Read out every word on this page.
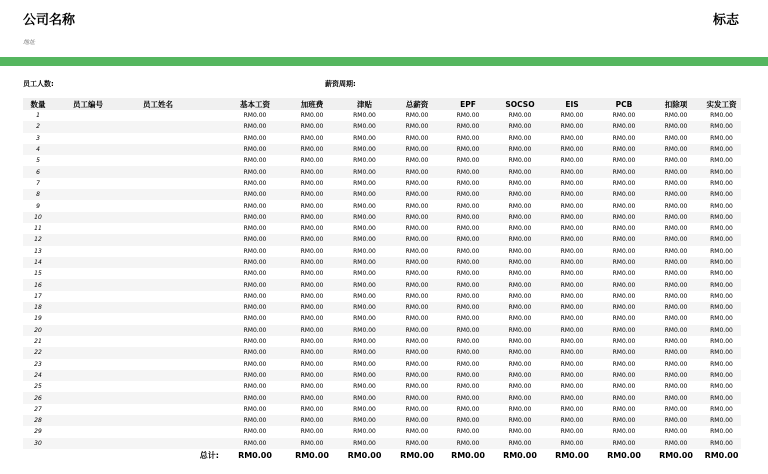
公司名称	标志
地址
员工人数:	薪资周期:
数量	员工编号	员工姓名	基本工资	加班费	津贴	总薪资	EPF	SOCSO	EIS	PCB	扣除项	实发工资
1			RM0.00	RM0.00	RM0.00	RM0.00	RM0.00	RM0.00	RM0.00	RM0.00	RM0.00	RM0.00
2			RM0.00	RM0.00	RM0.00	RM0.00	RM0.00	RM0.00	RM0.00	RM0.00	RM0.00	RM0.00
3			RM0.00	RM0.00	RM0.00	RM0.00	RM0.00	RM0.00	RM0.00	RM0.00	RM0.00	RM0.00
4			RM0.00	RM0.00	RM0.00	RM0.00	RM0.00	RM0.00	RM0.00	RM0.00	RM0.00	RM0.00
5			RM0.00	RM0.00	RM0.00	RM0.00	RM0.00	RM0.00	RM0.00	RM0.00	RM0.00	RM0.00
6			RM0.00	RM0.00	RM0.00	RM0.00	RM0.00	RM0.00	RM0.00	RM0.00	RM0.00	RM0.00
7			RM0.00	RM0.00	RM0.00	RM0.00	RM0.00	RM0.00	RM0.00	RM0.00	RM0.00	RM0.00
8			RM0.00	RM0.00	RM0.00	RM0.00	RM0.00	RM0.00	RM0.00	RM0.00	RM0.00	RM0.00
9			RM0.00	RM0.00	RM0.00	RM0.00	RM0.00	RM0.00	RM0.00	RM0.00	RM0.00	RM0.00
10			RM0.00	RM0.00	RM0.00	RM0.00	RM0.00	RM0.00	RM0.00	RM0.00	RM0.00	RM0.00
11			RM0.00	RM0.00	RM0.00	RM0.00	RM0.00	RM0.00	RM0.00	RM0.00	RM0.00	RM0.00
12			RM0.00	RM0.00	RM0.00	RM0.00	RM0.00	RM0.00	RM0.00	RM0.00	RM0.00	RM0.00
13			RM0.00	RM0.00	RM0.00	RM0.00	RM0.00	RM0.00	RM0.00	RM0.00	RM0.00	RM0.00
14			RM0.00	RM0.00	RM0.00	RM0.00	RM0.00	RM0.00	RM0.00	RM0.00	RM0.00	RM0.00
15			RM0.00	RM0.00	RM0.00	RM0.00	RM0.00	RM0.00	RM0.00	RM0.00	RM0.00	RM0.00
16			RM0.00	RM0.00	RM0.00	RM0.00	RM0.00	RM0.00	RM0.00	RM0.00	RM0.00	RM0.00
17			RM0.00	RM0.00	RM0.00	RM0.00	RM0.00	RM0.00	RM0.00	RM0.00	RM0.00	RM0.00
18			RM0.00	RM0.00	RM0.00	RM0.00	RM0.00	RM0.00	RM0.00	RM0.00	RM0.00	RM0.00
19			RM0.00	RM0.00	RM0.00	RM0.00	RM0.00	RM0.00	RM0.00	RM0.00	RM0.00	RM0.00
20			RM0.00	RM0.00	RM0.00	RM0.00	RM0.00	RM0.00	RM0.00	RM0.00	RM0.00	RM0.00
21			RM0.00	RM0.00	RM0.00	RM0.00	RM0.00	RM0.00	RM0.00	RM0.00	RM0.00	RM0.00
22			RM0.00	RM0.00	RM0.00	RM0.00	RM0.00	RM0.00	RM0.00	RM0.00	RM0.00	RM0.00
23			RM0.00	RM0.00	RM0.00	RM0.00	RM0.00	RM0.00	RM0.00	RM0.00	RM0.00	RM0.00
24			RM0.00	RM0.00	RM0.00	RM0.00	RM0.00	RM0.00	RM0.00	RM0.00	RM0.00	RM0.00
25			RM0.00	RM0.00	RM0.00	RM0.00	RM0.00	RM0.00	RM0.00	RM0.00	RM0.00	RM0.00
26			RM0.00	RM0.00	RM0.00	RM0.00	RM0.00	RM0.00	RM0.00	RM0.00	RM0.00	RM0.00
27			RM0.00	RM0.00	RM0.00	RM0.00	RM0.00	RM0.00	RM0.00	RM0.00	RM0.00	RM0.00
28			RM0.00	RM0.00	RM0.00	RM0.00	RM0.00	RM0.00	RM0.00	RM0.00	RM0.00	RM0.00
29			RM0.00	RM0.00	RM0.00	RM0.00	RM0.00	RM0.00	RM0.00	RM0.00	RM0.00	RM0.00
30			RM0.00	RM0.00	RM0.00	RM0.00	RM0.00	RM0.00	RM0.00	RM0.00	RM0.00	RM0.00
		总计:	RM0.00	RM0.00	RM0.00	RM0.00	RM0.00	RM0.00	RM0.00	RM0.00	RM0.00	RM0.00
